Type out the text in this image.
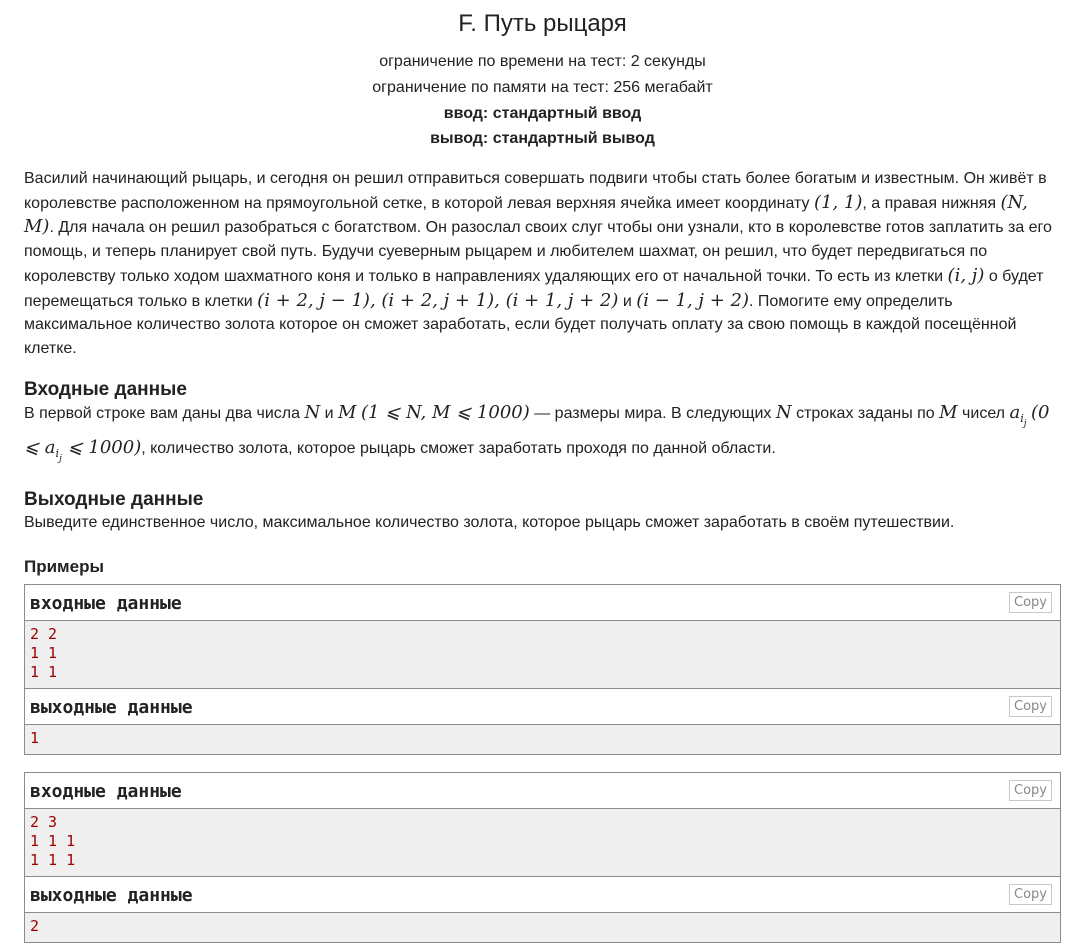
F. Путь рыцаря
ограничение по времени на тест: 2 секунды
ограничение по памяти на тест: 256 мегабайт
ввод: стандартный ввод
вывод: стандартный вывод
Василий начинающий рыцарь, и сегодня он решил отправиться совершать подвиги чтобы стать более богатым и известным. Он живёт в королевстве расположенном на прямоугольной сетке, в которой левая верхняя ячейка имеет координату (1, 1), а правая нижняя (N, M). Для начала он решил разобраться с богатством. Он разослал своих слуг чтобы они узнали, кто в королевстве готов заплатить за его помощь, и теперь планирует свой путь. Будучи суеверным рыцарем и любителем шахмат, он решил, что будет передвигаться по королевству только ходом шахматного коня и только в направлениях удаляющих его от начальной точки. То есть из клетки (i, j) о будет перемещаться только в клетки (i + 2, j − 1), (i + 2, j + 1), (i + 1, j + 2) и (i − 1, j + 2). Помогите ему определить максимальное количество золота которое он сможет заработать, если будет получать оплату за свою помощь в каждой посещённой клетке.
Входные данные
В первой строке вам даны два числа N и M (1 ⩽ N, M ⩽ 1000) — размеры мира. В следующих N строках заданы по M чисел $a_{i_j}$ (0 ⩽ $a_{i_j}$ ⩽ 1000), количество золота, которое рыцарь сможет заработать проходя по данной области.
Выходные данные
Выведите единственное число, максимальное количество золота, которое рыцарь сможет заработать в своём путешествии.
Примеры
входные данные	Copy
2 2
1 1
1 1
выходные данные	Copy
1
входные данные	Copy
2 3
1 1 1
1 1 1
выходные данные	Copy
2
